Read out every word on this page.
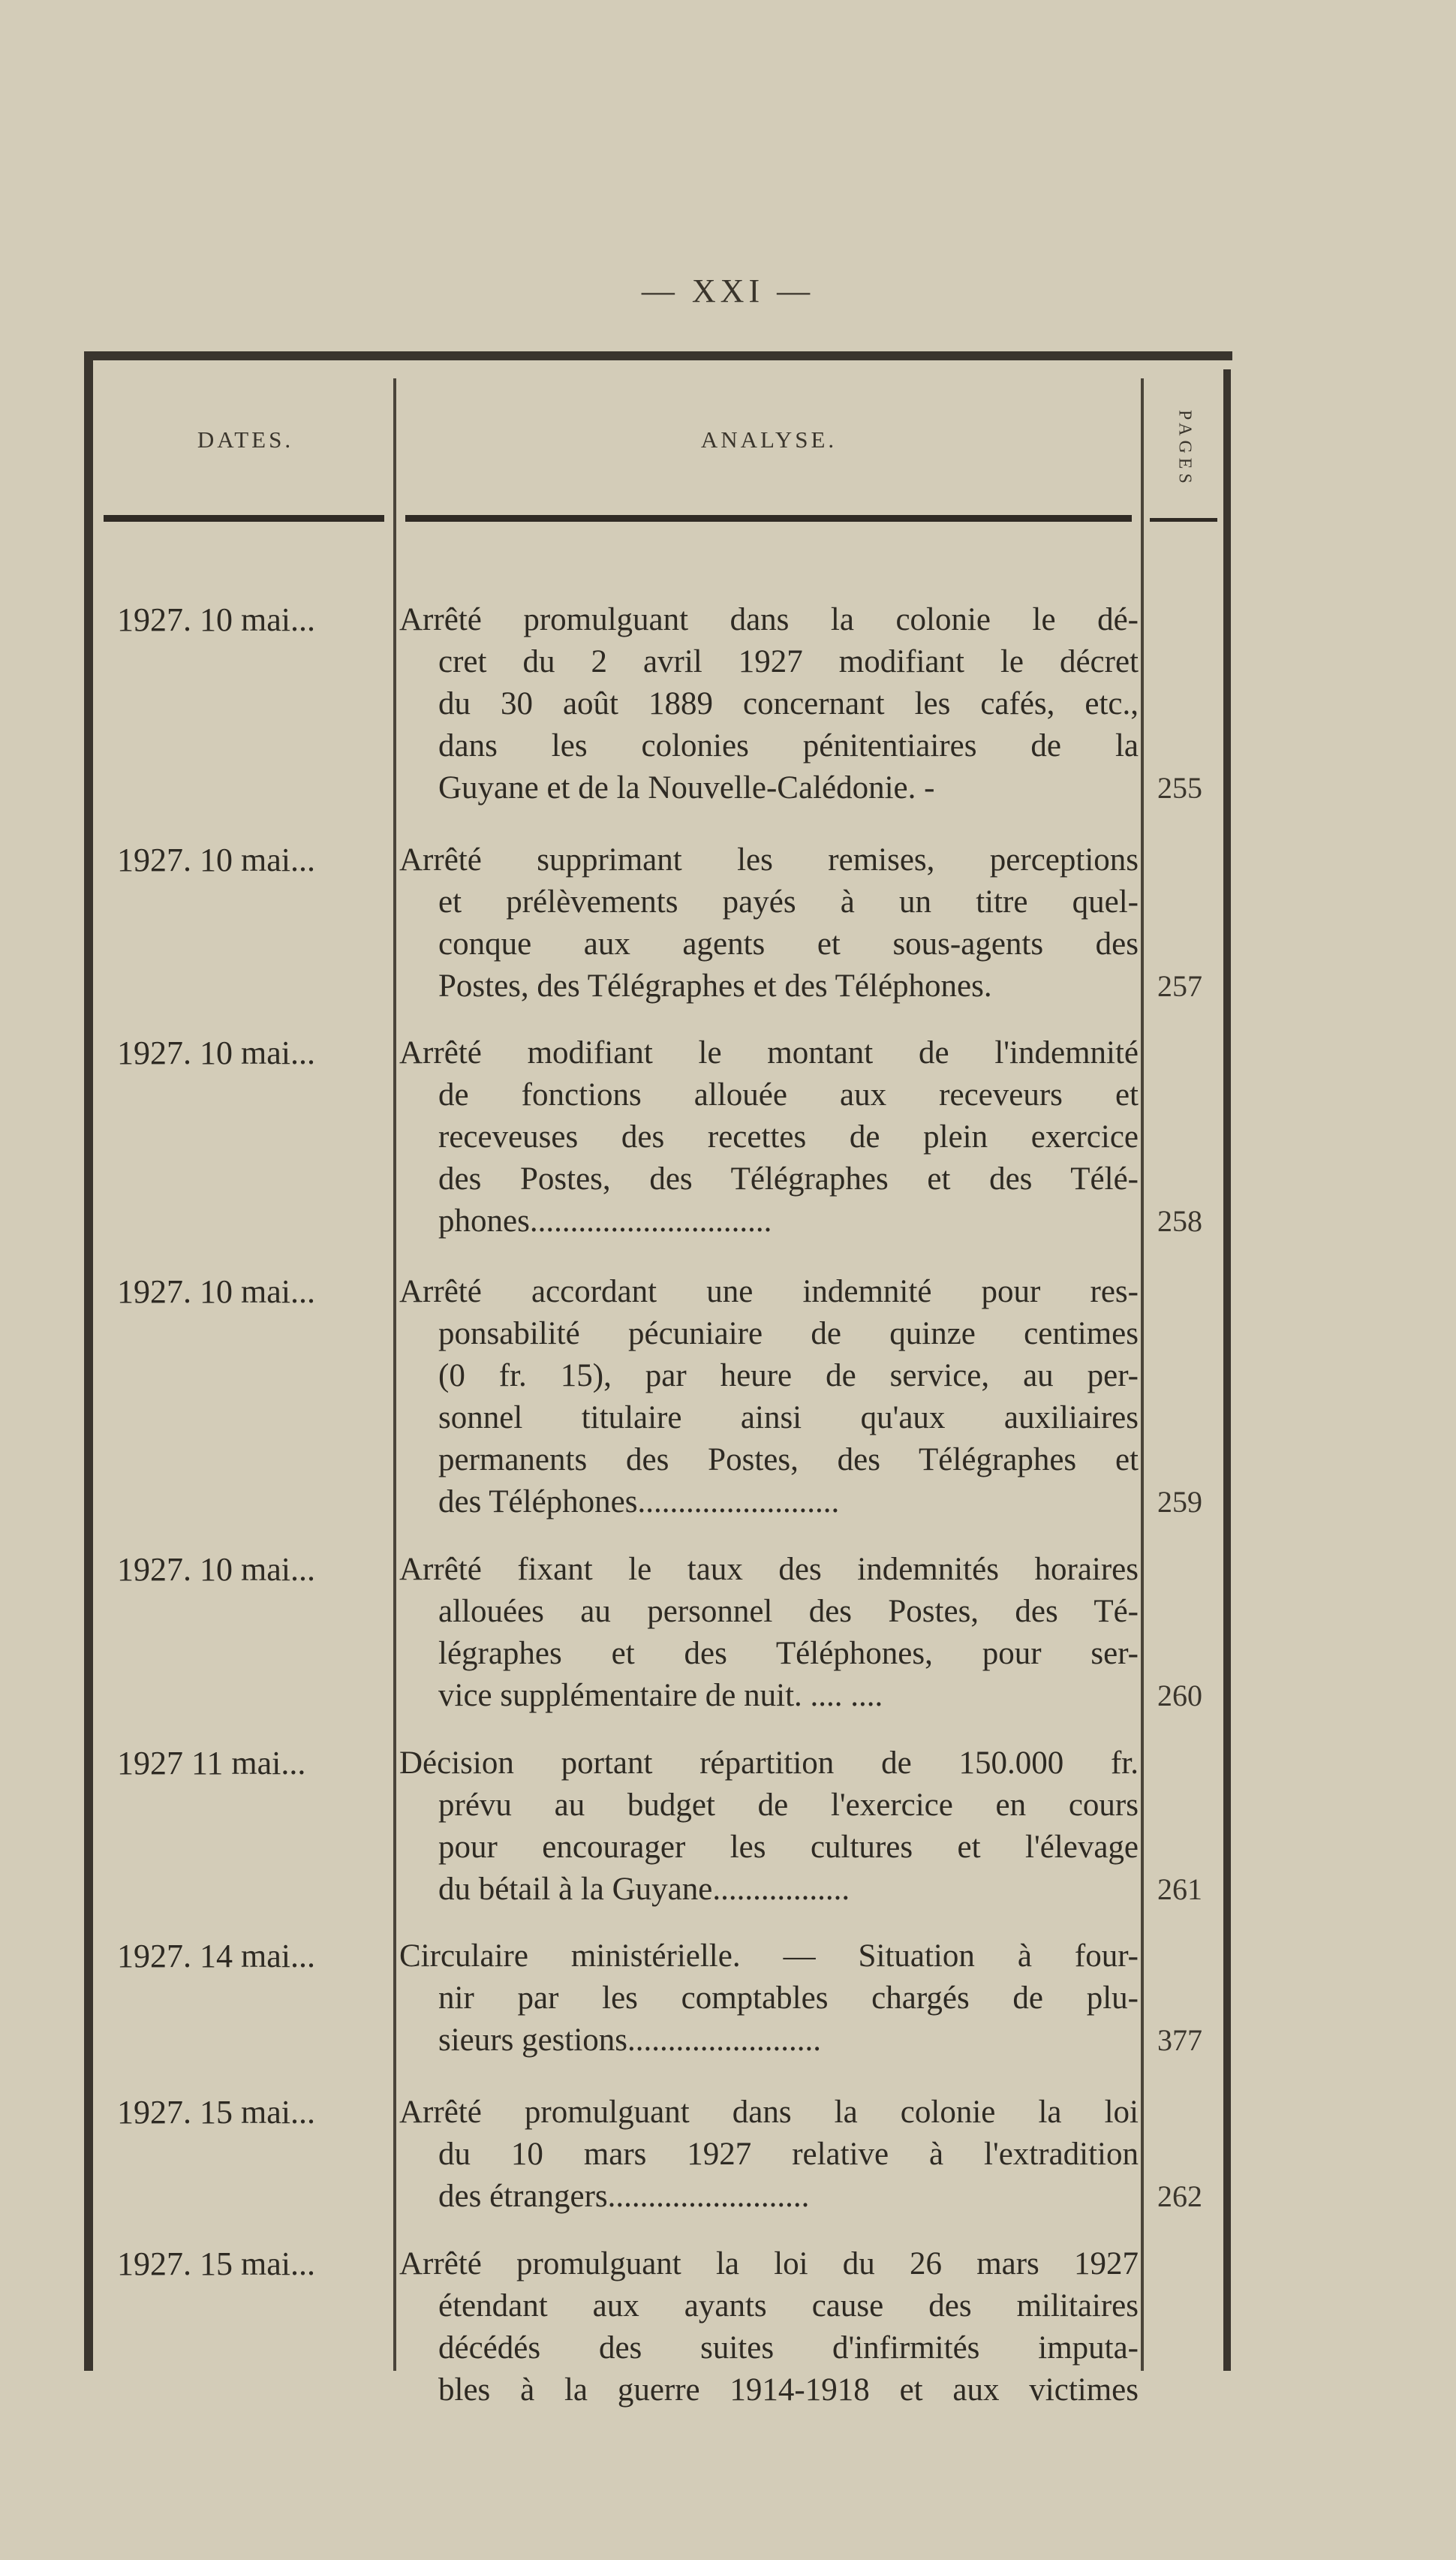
— XXI —
DATES.	ANALYSE.	PAGES
1927. 10 mai...	Arrêté promulguant dans la colonie le dé-
cret du 2 avril 1927 modifiant le décret
du 30 août 1889 concernant les cafés, etc.,
dans les colonies pénitentiaires de la
Guyane et de la Nouvelle-Calédonie. -	255
1927. 10 mai...	Arrêté supprimant les remises, perceptions
et prélèvements payés à un titre quel-
conque aux agents et sous-agents des
Postes, des Télégraphes et des Téléphones.	257
1927. 10 mai...	Arrêté modifiant le montant de l'indemnité
de fonctions allouée aux receveurs et
receveuses des recettes de plein exercice
des Postes, des Télégraphes et des Télé-
phones..............................	258
1927. 10 mai...	Arrêté accordant une indemnité pour res-
ponsabilité pécuniaire de quinze centimes
(0 fr. 15), par heure de service, au per-
sonnel titulaire ainsi qu'aux auxiliaires
permanents des Postes, des Télégraphes et
des Téléphones.........................	259
1927. 10 mai...	Arrêté fixant le taux des indemnités horaires
allouées au personnel des Postes, des Té-
légraphes et des Téléphones, pour ser-
vice supplémentaire de nuit. .... ....	260
1927 11 mai...	Décision portant répartition de 150.000 fr.
prévu au budget de l'exercice en cours
pour encourager les cultures et l'élevage
du bétail à la Guyane.................	261
1927. 14 mai...	Circulaire ministérielle. — Situation à four-
nir par les comptables chargés de plu-
sieurs gestions........................	377
1927. 15 mai...	Arrêté promulguant dans la colonie la loi
du 10 mars 1927 relative à l'extradition
des étrangers.........................	262
1927. 15 mai...	Arrêté promulguant la loi du 26 mars 1927
étendant aux ayants cause des militaires
décédés des suites d'infirmités imputa-
bles à la guerre 1914-1918 et aux victimes
